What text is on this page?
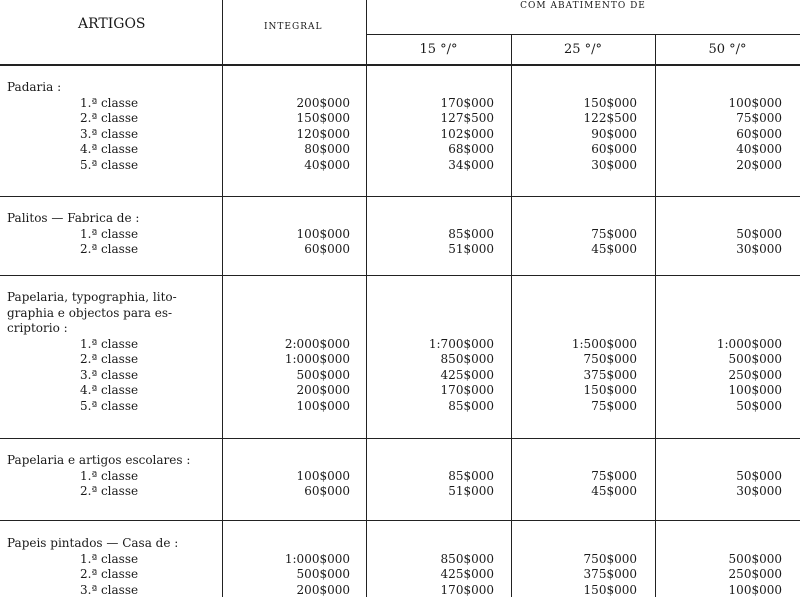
ARTIGOS	INTEGRAL
COM ABATIMENTO DE
15 °/°	25 °/°	50 °/°
Padaria :
1.ª classe	200$000	170$000	150$000	100$000
2.ª classe	150$000	127$500	122$500	75$000
3.ª classe	120$000	102$000	90$000	60$000
4.ª classe	80$000	68$000	60$000	40$000
5.ª classe	40$000	34$000	30$000	20$000
Palitos — Fabrica de :
1.ª classe	100$000	85$000	75$000	50$000
2.ª classe	60$000	51$000	45$000	30$000
Papelaria, typographia, lito-
graphia e objectos para es-
criptorio :
1.ª classe	2:000$000	1:700$000	1:500$000	1:000$000
2.ª classe	1:000$000	850$000	750$000	500$000
3.ª classe	500$000	425$000	375$000	250$000
4.ª classe	200$000	170$000	150$000	100$000
5.ª classe	100$000	85$000	75$000	50$000
Papelaria e artigos escolares :
1.ª classe	100$000	85$000	75$000	50$000
2.ª classe	60$000	51$000	45$000	30$000
Papeis pintados — Casa de :
1.ª classe	1:000$000	850$000	750$000	500$000
2.ª classe	500$000	425$000	375$000	250$000
3.ª classe	200$000	170$000	150$000	100$000
